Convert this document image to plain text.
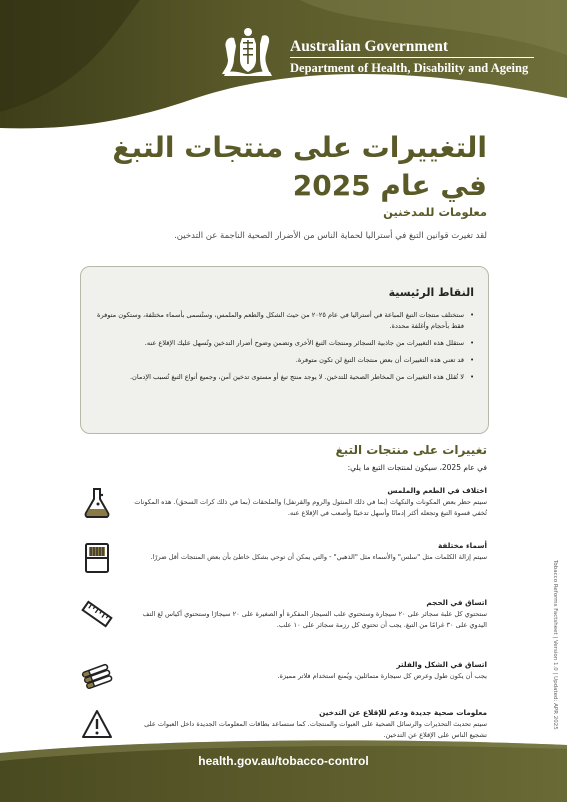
Australian Government
Department of Health, Disability and Ageing
التغييرات على منتجات التبغ
في عام 2025
معلومات للمدخنين
لقد تغيرت قوانين التبغ في أستراليا لحماية الناس من الأضرار الصحية الناجمة عن التدخين.
النقاط الرئيسية
• ستختلف منتجات التبغ المباعة في أستراليا في عام ٢٠٢٥ من حيث الشكل والطعم والملمس، وستُسمى بأسماء مختلفة، وستكون متوفرة فقط بأحجام وأغلفة محددة.
• ستقلل هذه التغييرات من جاذبية السجائر ومنتجات التبغ الأخرى وتضمن وضوح أضرار التدخين وتُسهل عليك الإقلاع عنه.
• قد تعني هذه التغييرات أن بعض منتجات التبغ لن تكون متوفرة.
• لا تُقلل هذه التغييرات من المخاطر الصحية للتدخين. لا يوجد منتج تبغ أو مستوى تدخين آمن، وجميع أنواع التبغ تُسبب الإدمان.
تغييرات على منتجات التبغ
في عام 2025، سيكون لمنتجات التبغ ما يلي:
اختلاف في الطعم والملمس
سيتم حظر بعض المكونات والنكهات (بما في ذلك المنثول والروم والقرنفل) والملحقات (بما في ذلك كرات السحق). هذه المكونات تُخفي قسوة التبغ وتجعله أكثر إدمانًا وأسهل تدخينًا وأصعب في الإقلاع عنه.
أسماء مختلفة
سيتم إزالة الكلمات مثل "سلس" والأسماء مثل "الذهبي" - والتي يمكن أن توحي بشكل خاطئ بأن بعض المنتجات أقل ضررًا.
اتساق في الحجم
ستحتوي كل علبة سجائر على ٢٠ سيجارة وستحتوي علب السيجار المفكرة أو الصغيرة على ٢٠ سيجارًا وستحتوي أكياس لغ التف اليدوي على ٣٠ غرامًا من التبغ. يجب أن تحتوي كل رزمة سجائر على ١٠ علب.
اتساق في الشكل والفلتر
يجب أن يكون طول وعرض كل سيجارة متماثلين، ويُمنع استخدام فلاتر مميزة.
معلومات صحية جديدة ودعم للإقلاع عن التدخين
سيتم تحديث التحذيرات والرسائل الصحية على العبوات والمنتجات. كما ستساعد بطاقات المعلومات الجديدة داخل العبوات على تشجيع الناس على الإقلاع عن التدخين.
Tobacco Reforms Factsheet | Version 1.0 | Updated: APR 2025
health.gov.au/tobacco-control
